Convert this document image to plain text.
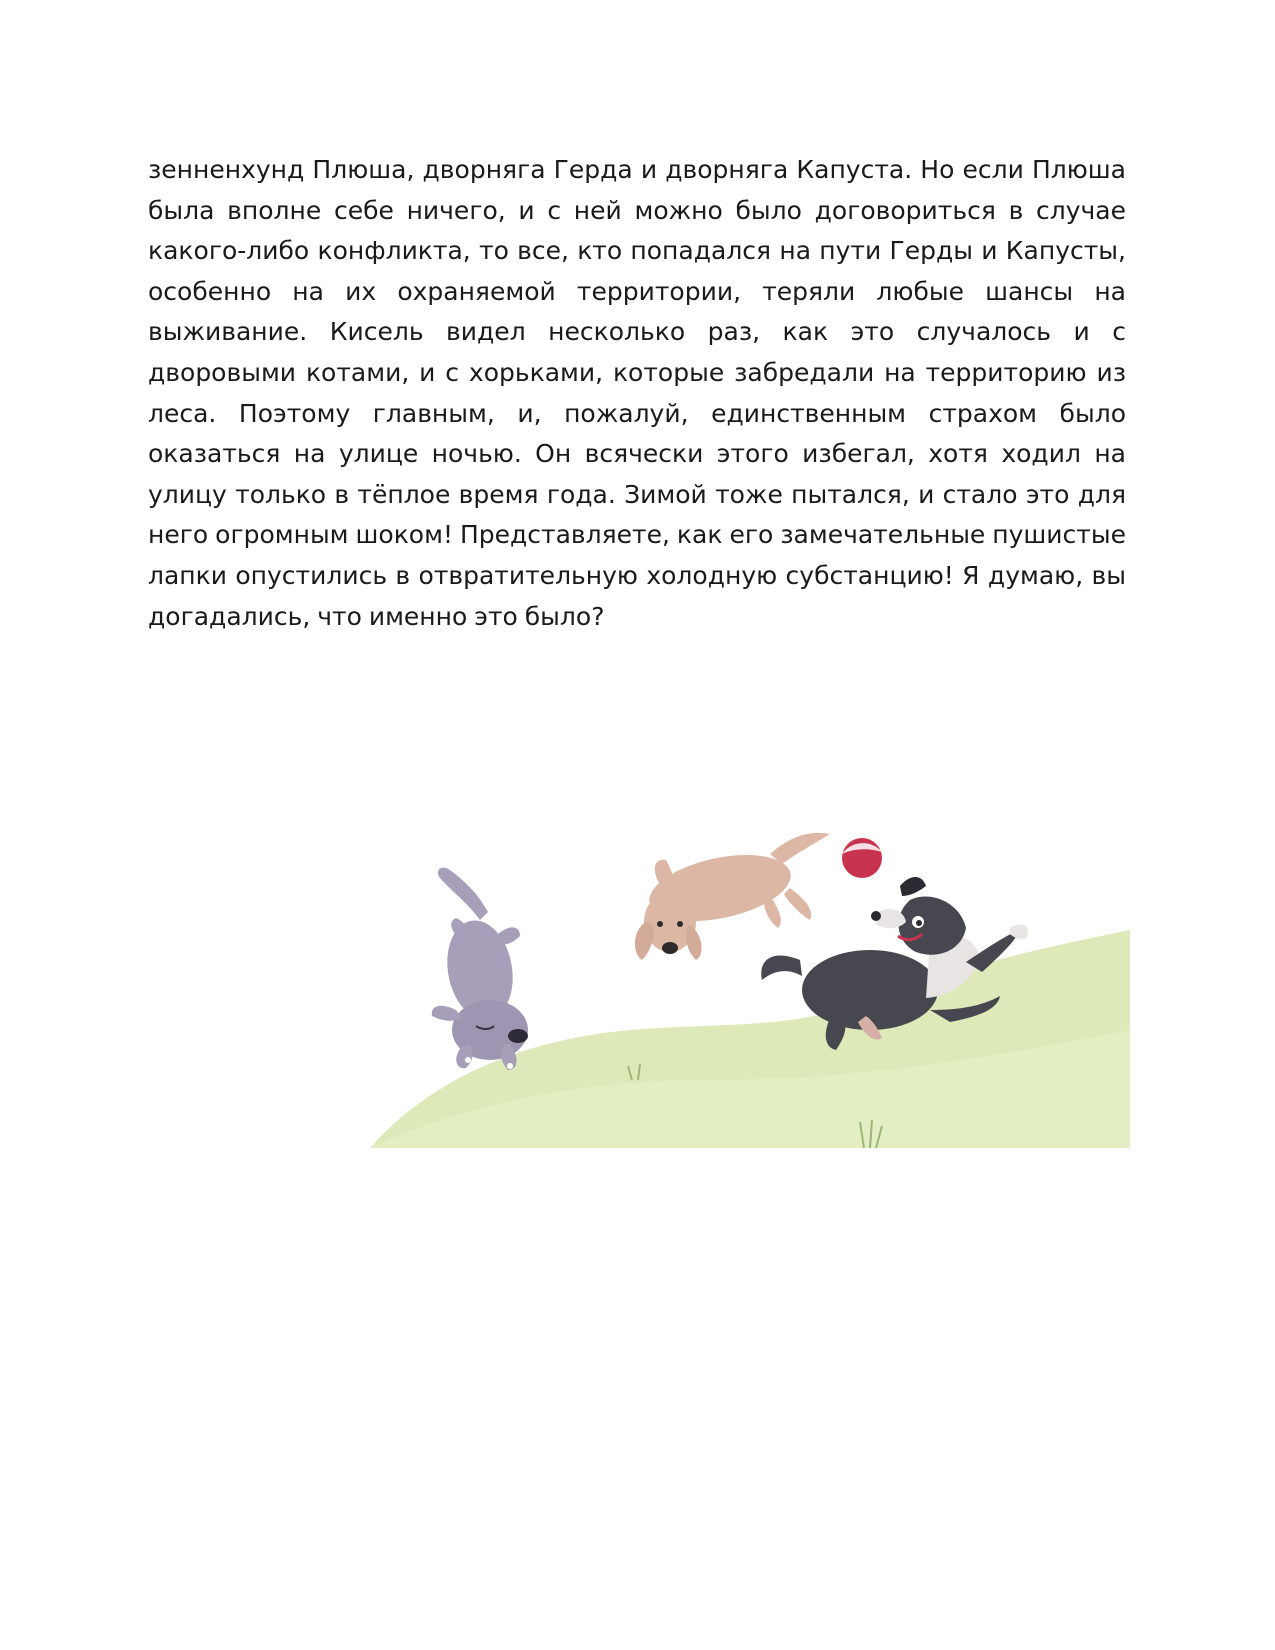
зенненхунд Плюша, дворняга Герда и дворняга Капуста. Но если Плюша
была вполне себе ничего, и с ней можно было договориться в случае
какого-либо конфликта, то все, кто попадался на пути Герды и Капусты,
особенно на их охраняемой территории, теряли любые шансы на
выживание. Кисель видел несколько раз, как это случалось и с
дворовыми котами, и с хорьками, которые забредали на территорию из
леса. Поэтому главным, и, пожалуй, единственным страхом было
оказаться на улице ночью. Он всячески этого избегал, хотя ходил на
улицу только в тёплое время года. Зимой тоже пытался, и стало это для
него огромным шоком! Представляете, как его замечательные пушистые
лапки опустились в отвратительную холодную субстанцию! Я думаю, вы
догадались, что именно это было?
